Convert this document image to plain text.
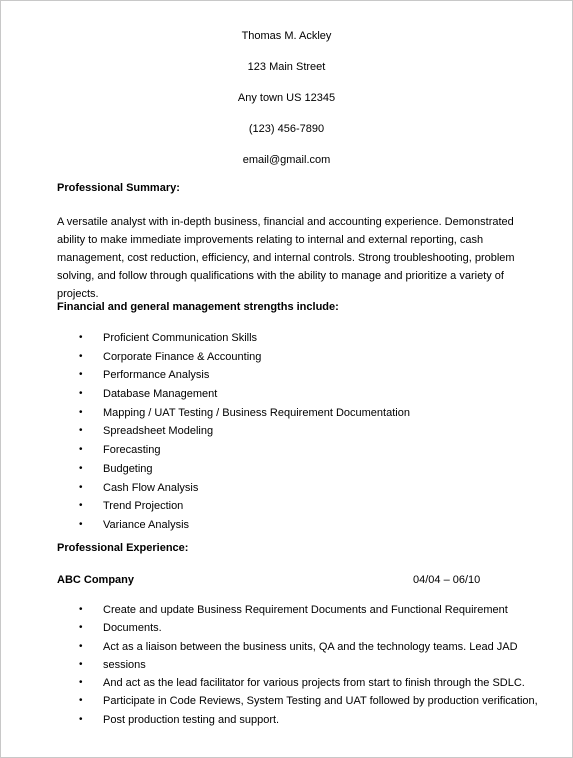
Thomas M. Ackley
123 Main Street
Any town US 12345
(123) 456-7890
email@gmail.com
Professional Summary:
A versatile analyst with in-depth business, financial and accounting experience. Demonstrated ability to make immediate improvements relating to internal and external reporting, cash management, cost reduction, efficiency, and internal controls. Strong troubleshooting, problem solving, and follow through qualifications with the ability to manage and prioritize a variety of projects.
Financial and general management strengths include:
• Proficient Communication Skills
• Corporate Finance & Accounting
• Performance Analysis
• Database Management
• Mapping / UAT Testing / Business Requirement Documentation
• Spreadsheet Modeling
• Forecasting
• Budgeting
• Cash Flow Analysis
• Trend Projection
• Variance Analysis
Professional Experience:
ABC Company	04/04 – 06/10
• Create and update Business Requirement Documents and Functional Requirement
• Documents.
• Act as a liaison between the business units, QA and the technology teams. Lead JAD
• sessions
• And act as the lead facilitator for various projects from start to finish through the SDLC.
• Participate in Code Reviews, System Testing and UAT followed by production verification,
• Post production testing and support.
